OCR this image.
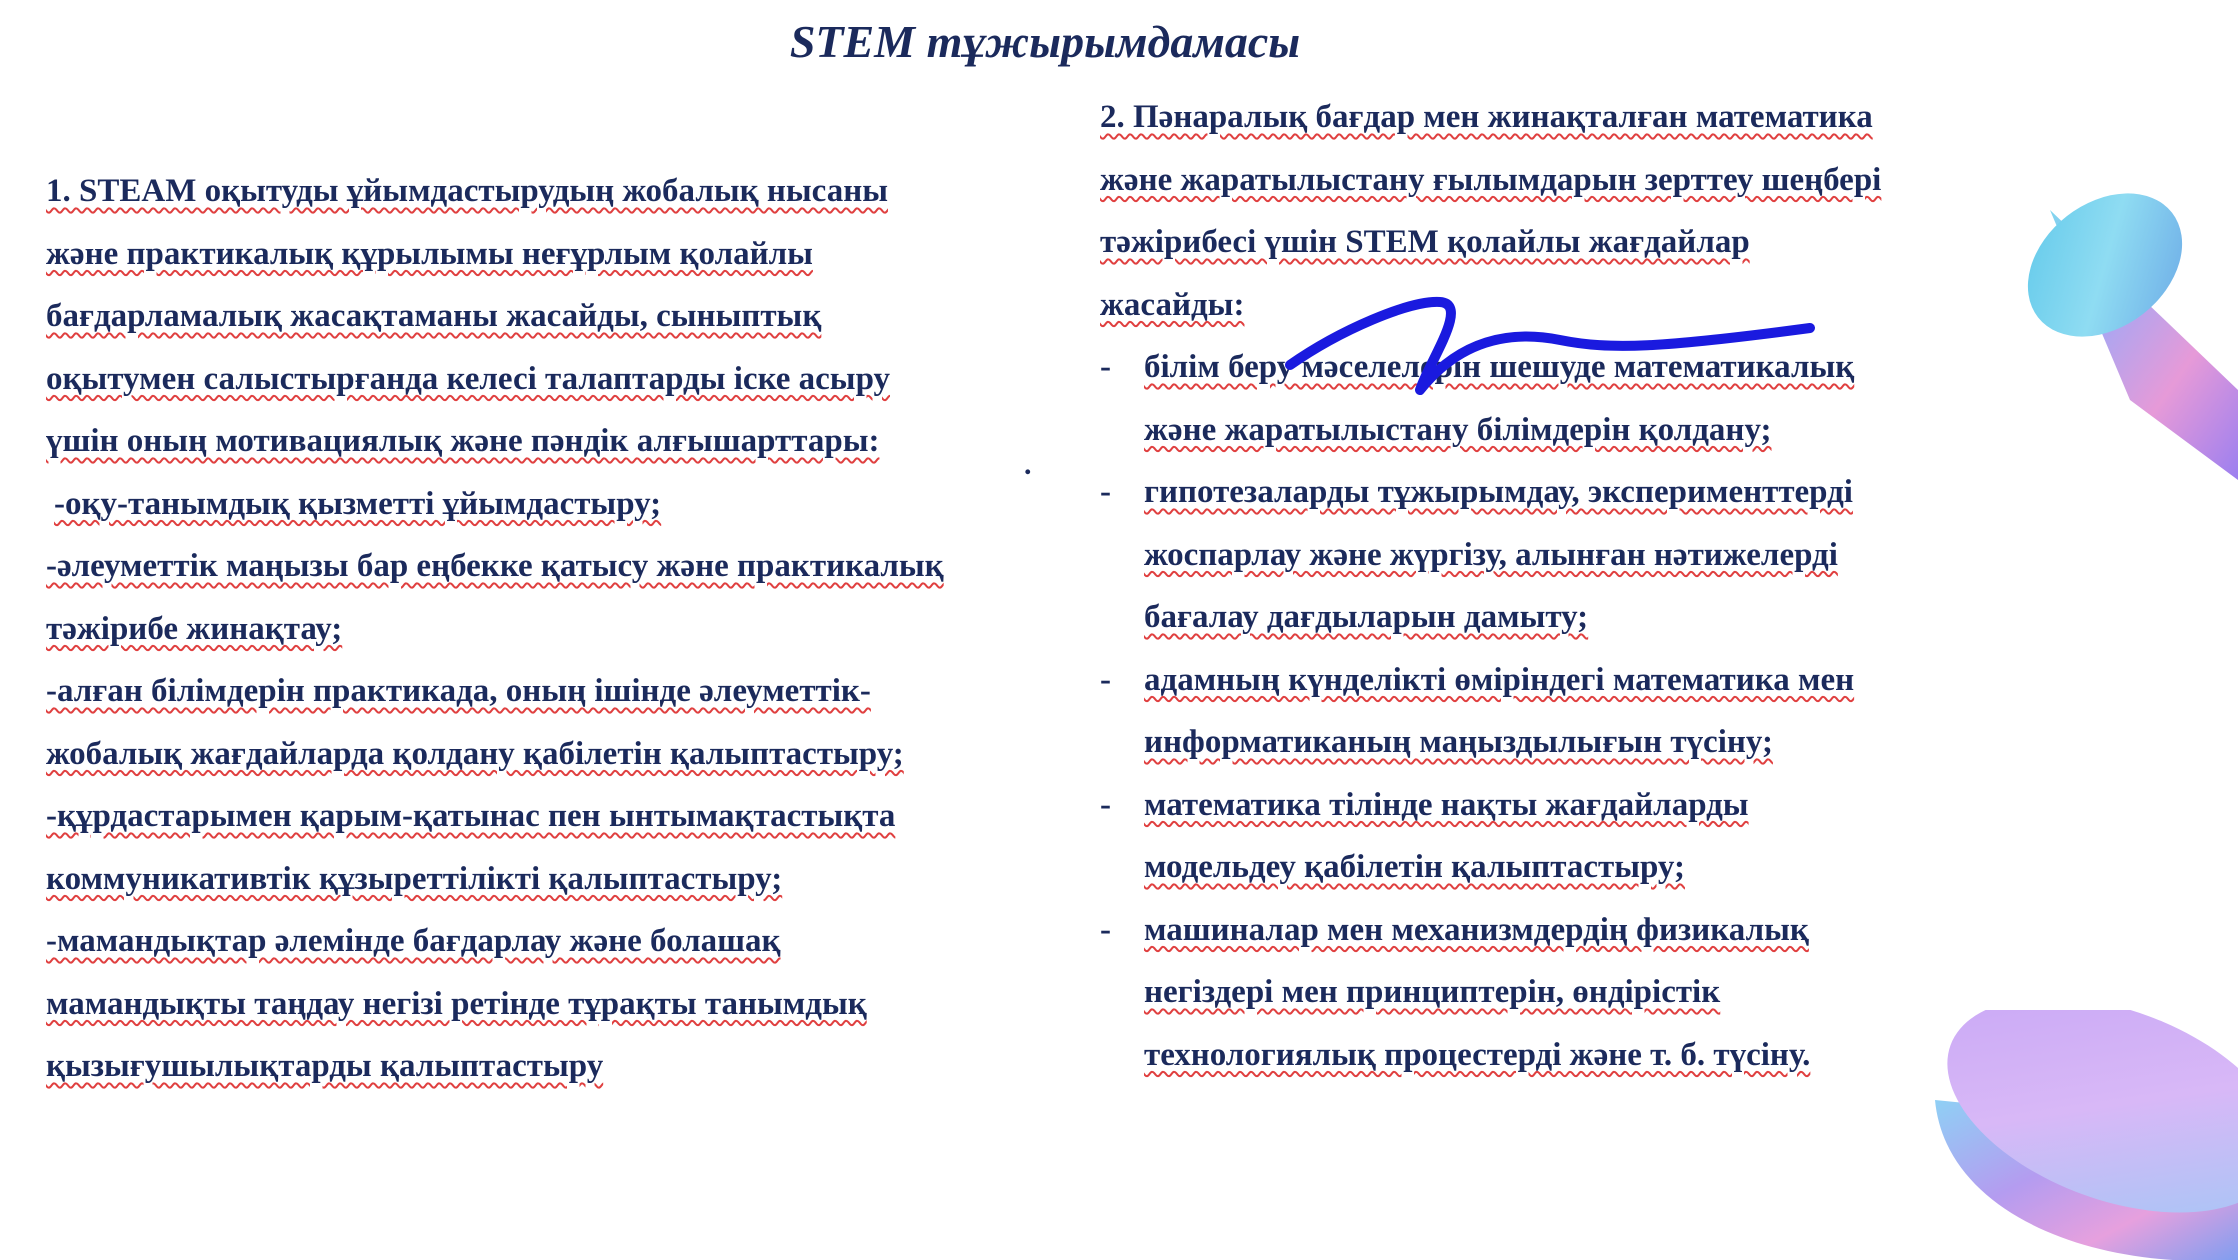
STEM тұжырымдамасы
1. STEAM оқытуды ұйымдастырудың жобалық нысаны
және практикалық құрылымы неғұрлым қолайлы
бағдарламалық жасақтаманы жасайды, сыныптық
оқытумен салыстырғанда келесі талаптарды іске асыру
үшін оның мотивациялық және пәндік алғышарттары:
-оқу-танымдық қызметті ұйымдастыру;
-әлеуметтік маңызы бар еңбекке қатысу және практикалық
тәжірибе жинақтау;
-алған білімдерін практикада, оның ішінде әлеуметтік-
жобалық жағдайларда қолдану қабілетін қалыптастыру;
-құрдастарымен қарым-қатынас пен ынтымақтастықта
коммуникативтік құзыреттілікті қалыптастыру;
-мамандықтар әлемінде бағдарлау және болашақ
мамандықты таңдау негізі ретінде тұрақты танымдық
қызығушылықтарды қалыптастыру
.
2. Пәнаралық бағдар мен жинақталған математика
және жаратылыстану ғылымдарын зерттеу шеңбері
тәжірибесі үшін STEM қолайлы жағдайлар
жасайды:
- білім беру мәселелерін шешуде математикалық
және жаратылыстану білімдерін қолдану;
- гипотезаларды тұжырымдау, эксперименттерді
жоспарлау және жүргізу, алынған нәтижелерді
бағалау дағдыларын дамыту;
- адамның күнделікті өміріндегі математика мен
информатиканың маңыздылығын түсіну;
- математика тілінде нақты жағдайларды
модельдеу қабілетін қалыптастыру;
- машиналар мен механизмдердің физикалық
негіздері мен принциптерін, өндірістік
технологиялық процестерді және т. б. түсіну.
